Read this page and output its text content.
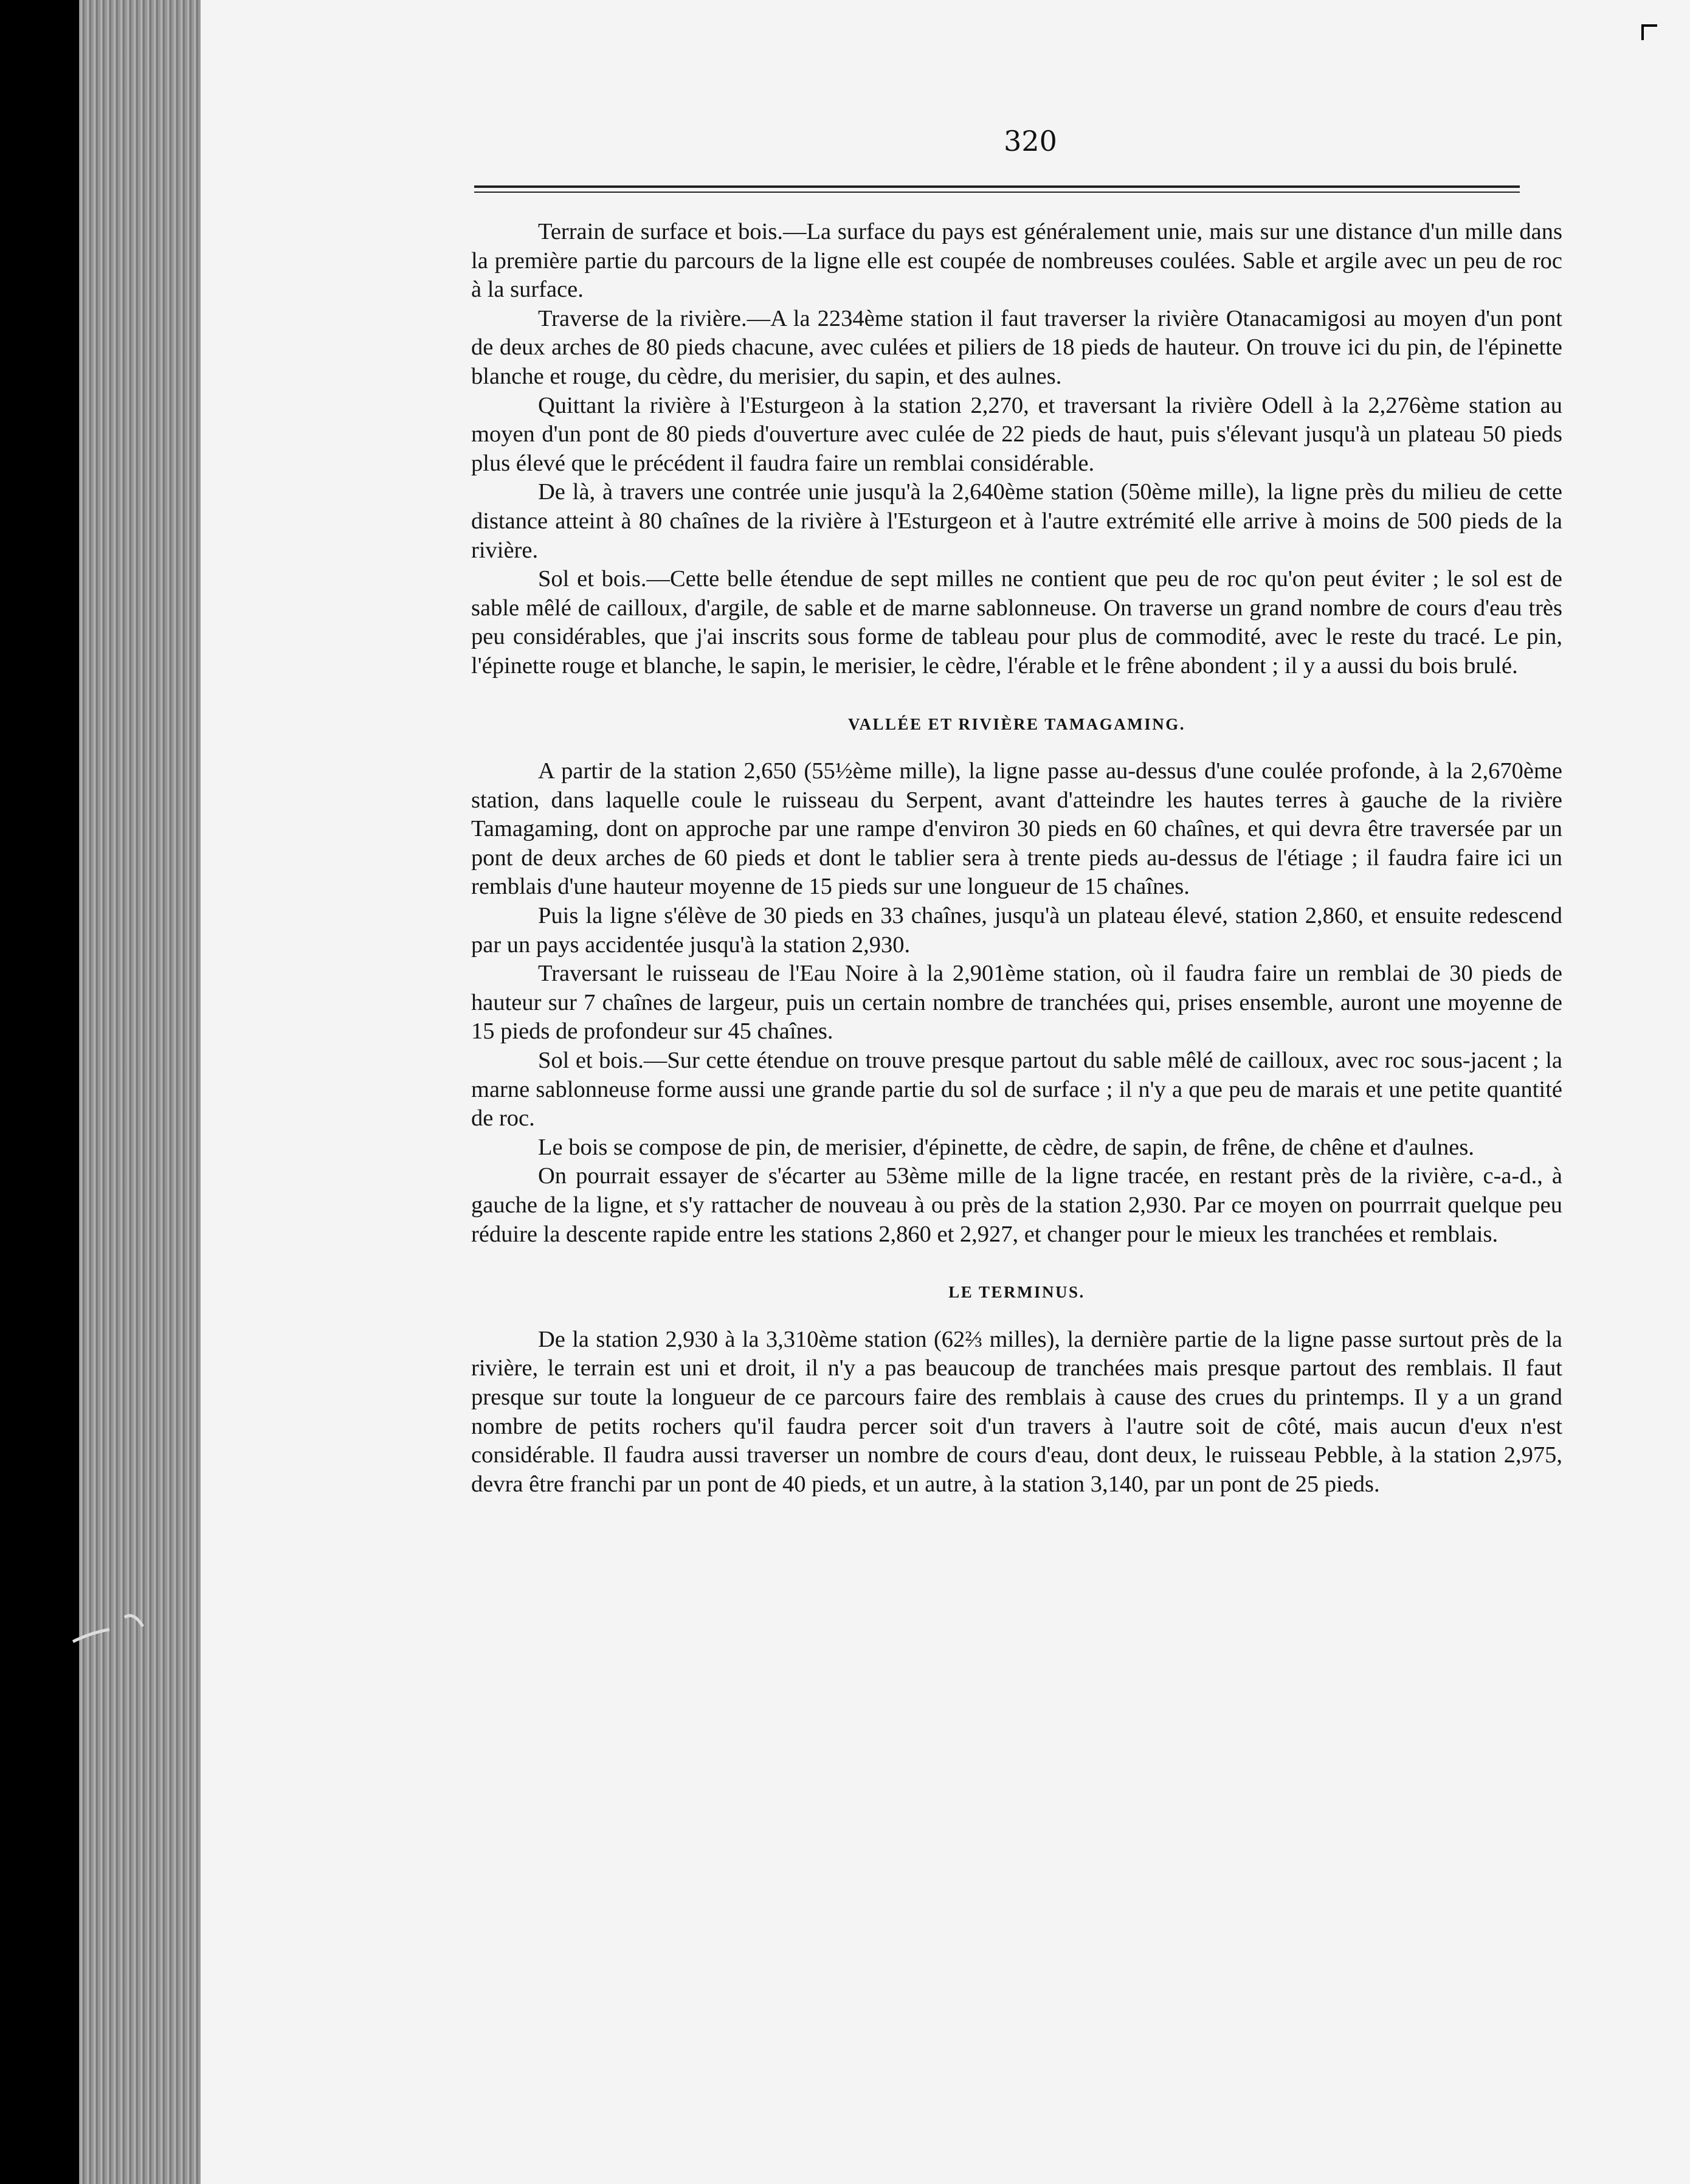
320

Terrain de surface et bois.—La surface du pays est généralement unie, mais sur une distance d'un mille dans la première partie du parcours de la ligne elle est coupée de nombreuses coulées. Sable et argile avec un peu de roc à la surface.

Traverse de la rivière.—A la 2234ème station il faut traverser la rivière Otanacamigosi au moyen d'un pont de deux arches de 80 pieds chacune, avec culées et piliers de 18 pieds de hauteur. On trouve ici du pin, de l'épinette blanche et rouge, du cèdre, du merisier, du sapin, et des aulnes.

Quittant la rivière à l'Esturgeon à la station 2,270, et traversant la rivière Odell à la 2,276ème station au moyen d'un pont de 80 pieds d'ouverture avec culée de 22 pieds de haut, puis s'élevant jusqu'à un plateau 50 pieds plus élevé que le précédent il faudra faire un remblai considérable.

De là, à travers une contrée unie jusqu'à la 2,640ème station (50ème mille), la ligne près du milieu de cette distance atteint à 80 chaînes de la rivière à l'Esturgeon et à l'autre extrémité elle arrive à moins de 500 pieds de la rivière.

Sol et bois.—Cette belle étendue de sept milles ne contient que peu de roc qu'on peut éviter ; le sol est de sable mêlé de cailloux, d'argile, de sable et de marne sablonneuse. On traverse un grand nombre de cours d'eau très peu considérables, que j'ai inscrits sous forme de tableau pour plus de commodité, avec le reste du tracé. Le pin, l'épinette rouge et blanche, le sapin, le merisier, le cèdre, l'érable et le frêne abondent ; il y a aussi du bois brulé.

VALLÉE ET RIVIÈRE TAMAGAMING.

A partir de la station 2,650 (55½ème mille), la ligne passe au-dessus d'une coulée profonde, à la 2,670ème station, dans laquelle coule le ruisseau du Serpent, avant d'atteindre les hautes terres à gauche de la rivière Tamagaming, dont on approche par une rampe d'environ 30 pieds en 60 chaînes, et qui devra être traversée par un pont de deux arches de 60 pieds et dont le tablier sera à trente pieds au-dessus de l'étiage ; il faudra faire ici un remblais d'une hauteur moyenne de 15 pieds sur une longueur de 15 chaînes.

Puis la ligne s'élève de 30 pieds en 33 chaînes, jusqu'à un plateau élevé, station 2,860, et ensuite redescend par un pays accidentée jusqu'à la station 2,930.

Traversant le ruisseau de l'Eau Noire à la 2,901ème station, où il faudra faire un remblai de 30 pieds de hauteur sur 7 chaînes de largeur, puis un certain nombre de tranchées qui, prises ensemble, auront une moyenne de 15 pieds de profondeur sur 45 chaînes.

Sol et bois.—Sur cette étendue on trouve presque partout du sable mêlé de cailloux, avec roc sous-jacent ; la marne sablonneuse forme aussi une grande partie du sol de surface ; il n'y a que peu de marais et une petite quantité de roc.

Le bois se compose de pin, de merisier, d'épinette, de cèdre, de sapin, de frêne, de chêne et d'aulnes.

On pourrait essayer de s'écarter au 53ème mille de la ligne tracée, en restant près de la rivière, c-a-d., à gauche de la ligne, et s'y rattacher de nouveau à ou près de la station 2,930. Par ce moyen on pourrrait quelque peu réduire la descente rapide entre les stations 2,860 et 2,927, et changer pour le mieux les tranchées et remblais.

LE TERMINUS.

De la station 2,930 à la 3,310ème station (62⅔ milles), la dernière partie de la ligne passe surtout près de la rivière, le terrain est uni et droit, il n'y a pas beaucoup de tranchées mais presque partout des remblais. Il faut presque sur toute la longueur de ce parcours faire des remblais à cause des crues du printemps. Il y a un grand nombre de petits rochers qu'il faudra percer soit d'un travers à l'autre soit de côté, mais aucun d'eux n'est considérable. Il faudra aussi traverser un nombre de cours d'eau, dont deux, le ruisseau Pebble, à la station 2,975, devra être franchi par un pont de 40 pieds, et un autre, à la station 3,140, par un pont de 25 pieds.
